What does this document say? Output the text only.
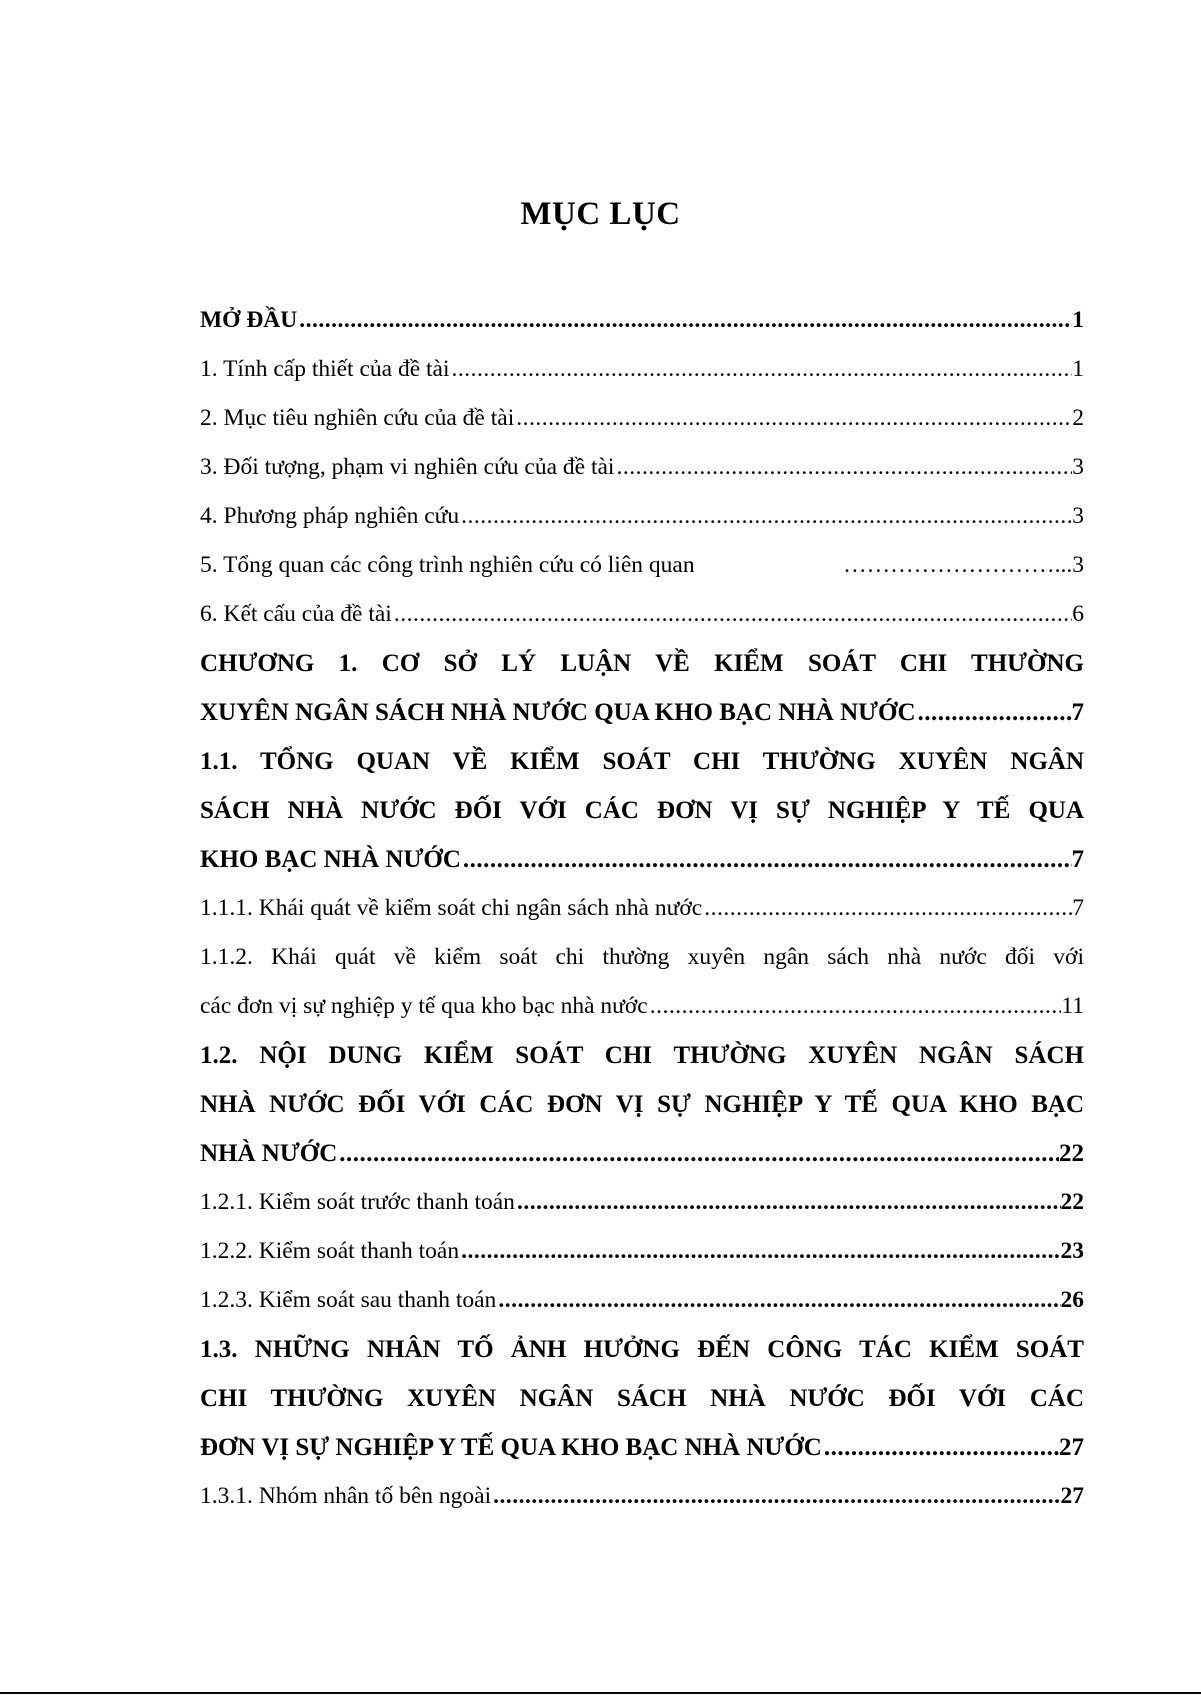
MỤC LỤC
MỞ ĐẦU .....	1
1. Tính cấp thiết của đề tài .....	1
2. Mục tiêu nghiên cứu của đề tài .....	2
3. Đối tượng, phạm vi nghiên cứu của đề tài .....	3
4. Phương pháp nghiên cứu .....	3
5. Tổng quan các công trình nghiên cứu có liên quan	………………………... 3
6. Kết cấu của đề tài .....	6
CHƯƠNG 1. CƠ SỞ LÝ LUẬN VỀ KIỂM SOÁT CHI THƯỜNG
XUYÊN NGÂN SÁCH NHÀ NƯỚC QUA KHO BẠC NHÀ NƯỚC .....	7
1.1. TỔNG QUAN VỀ KIỂM SOÁT CHI THƯỜNG XUYÊN NGÂN
SÁCH NHÀ NƯỚC ĐỐI VỚI CÁC ĐƠN VỊ SỰ NGHIỆP Y TẾ QUA
KHO BẠC NHÀ NƯỚC .....	7
1.1.1. Khái quát về kiểm soát chi ngân sách nhà nước .....	7
1.1.2. Khái quát về kiểm soát chi thường xuyên ngân sách nhà nước đối với
các đơn vị sự nghiệp y tế qua kho bạc nhà nước .....	11
1.2. NỘI DUNG KIỂM SOÁT CHI THƯỜNG XUYÊN NGÂN SÁCH
NHÀ NƯỚC ĐỐI VỚI CÁC ĐƠN VỊ SỰ NGHIỆP Y TẾ QUA KHO BẠC
NHÀ NƯỚC .....	22
1.2.1. Kiểm soát trước thanh toán .....	22
1.2.2. Kiểm soát thanh toán .....	23
1.2.3. Kiểm soát sau thanh toán .....	26
1.3. NHỮNG NHÂN TỐ ẢNH HƯỞNG ĐẾN CÔNG TÁC KIỂM SOÁT
CHI THƯỜNG XUYÊN NGÂN SÁCH NHÀ NƯỚC ĐỐI VỚI CÁC
ĐƠN VỊ SỰ NGHIỆP Y TẾ QUA KHO BẠC NHÀ NƯỚC .....	27
1.3.1. Nhóm nhân tố bên ngoài .....	27
